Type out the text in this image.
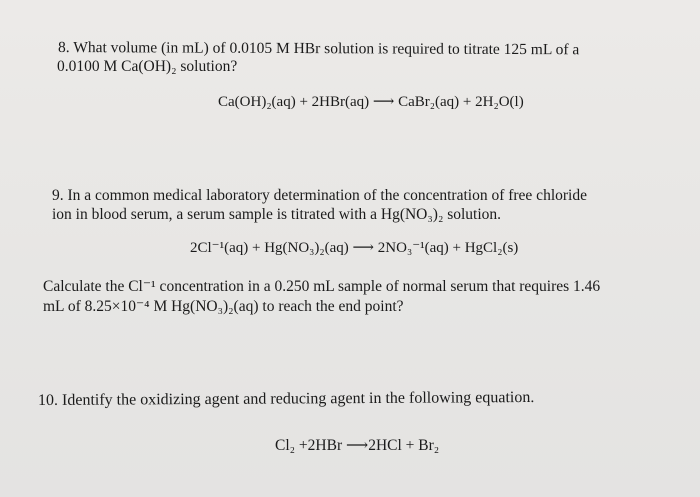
8. What volume (in mL) of 0.0105 M HBr solution is required to titrate 125 mL of a
0.0100 M Ca(OH)₂ solution?
Ca(OH)₂(aq) + 2HBr(aq) ⟶ CaBr₂(aq) + 2H₂O(l)
9. In a common medical laboratory determination of the concentration of free chloride
ion in blood serum, a serum sample is titrated with a Hg(NO₃)₂ solution.
2Cl⁻¹(aq) + Hg(NO₃)₂(aq) ⟶ 2NO₃⁻¹(aq) + HgCl₂(s)
Calculate the Cl⁻¹ concentration in a 0.250 mL sample of normal serum that requires 1.46
mL of 8.25×10⁻⁴ M Hg(NO₃)₂(aq) to reach the end point?
10. Identify the oxidizing agent and reducing agent in the following equation.
Cl₂ +2HBr ⟶2HCl + Br₂
